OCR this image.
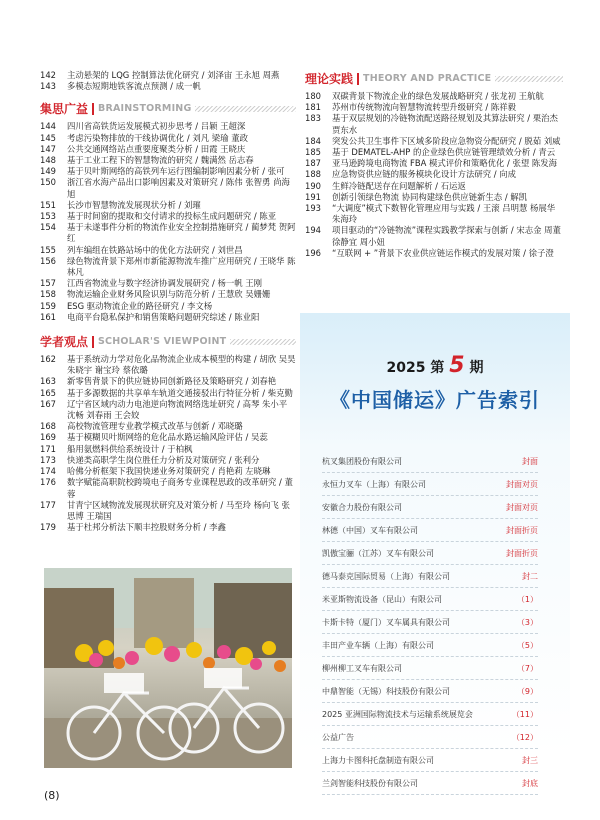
142	主动悬架的 LQG 控制算法优化研究 / 刘泽宙 王永旭 周燕
143	多模态短期地铁客流点预测 / 成一帆
集思广益 BRAINSTORMING
144	四川省高铁货运发展模式初步思考 / 吕颖 王超深
145	考虑污染物排放的干线协调优化 / 刘凡 梁瑜 董政
147	公共交通网络站点重要度聚类分析 / 田霞 王晓庆
148	基于工业工程下的智慧物流的研究 / 魏满然 岳志春
149	基于贝叶斯网络的高铁列车运行图编制影响因素分析 / 张可
150	浙江省水海产品出口影响因素及对策研究 / 陈伟 张智勇 尚海旭
151	长沙市智慧物流发展现状分析 / 刘璀
153	基于时间窗的提取和交付请求的投标生成问题研究 / 陈亚
154	基于未遂事件分析的物流作业安全控制措施研究 / 蔺梦梵 贺阿红
155	列车编组在铁路站场中的优化方法研究 / 刘世昌
156	绿色物流背景下郑州市新能源物流车推广应用研究 / 王晓华 陈林凡
157	江西省物流业与数字经济协调发展研究 / 杨一帆 王刚
158	物流运输企业财务风险识别与防范分析 / 王慧欣 吴姗姗
159	ESG 驱动物流企业的路径研究 / 李文杨
161	电商平台隐私保护和销售策略问题研究综述 / 陈业阳
学者观点 SCHOLAR'S VIEWPOINT
162	基于系统动力学对危化品物流企业成本模型的构建 / 胡欣 吴昊 朱晓宇 谢宝玲 蔡依璐
163	新零售背景下的供应链协同创新路径及策略研究 / 刘春艳
165	基于多源数据的共享单车轨道交通接驳出行特征分析 / 柴克勤
167	辽宁省区域内动力电池逆向物流网络选址研究 / 高琴 朱小平 沈畅 刘春雨 王会姣
168	高校物流管理专业教学模式改革与创新 / 邓晓璐
169	基于模糊贝叶斯网络的危化品水路运输风险评估 / 吴蕊
171	船用氨燃料供给系统设计 / 于柏枫
173	快递类高职学生岗位胜任力分析及对策研究 / 张利分
174	哈佛分析框架下我国快递业务对策研究 / 肖艳莉 左晓琳
176	数字赋能高职院校跨境电子商务专业课程思政的改革研究 / 董蓉
177	甘青宁区域物流发展现状研究及对策分析 / 马至玲 杨向飞 张思博 王瑞国
179	基于杜邦分析法下顺丰控股财务分析 / 李鑫
理论实践 THEORY AND PRACTICE
180	双碳背景下物流企业的绿色发展战略研究 / 张龙初 王航航
181	苏州市传统物流向智慧物流转型升级研究 / 陈祥毅
183	基于双层规划的冷链物流配送路径规划及其算法研究 / 栗治杰 贾东水
184	突发公共卫生事件下区域多阶段应急物资分配研究 / 脱茹 刘威
185	基于 DEMATEL-AHP 的企业绿色供应链管理绩效分析 / 青云
187	亚马逊跨境电商物流 FBA 模式评价和策略优化 / 张望 陈发海
188	应急物资供应链的服务模块化设计方法研究 / 向成
190	生鲜冷链配送存在问题解析 / 石运返
191	创新引领绿色物流 协同构建绿色供应链新生态 / 解凯
193	“大调度”模式下数智化管理应用与实践 / 王滚 吕明慧 杨展华 朱海玲
194	项目驱动的“冷链物流”课程实践教学探索与创新 / 宋志金 周董 徐静宜 周小妞
196	“互联网 + ”背景下农业供应链运作模式的发展对策 / 徐子澄
2025 第 5 期
《中国储运》广告索引
杭叉集团股份有限公司	封面
永恒力叉车（上海）有限公司	封面对页
安徽合力股份有限公司	封面对页
林德（中国）叉车有限公司	封面折页
凯傲宝骊（江苏）叉车有限公司	封面折页
德马泰克国际贸易（上海）有限公司	封二
米亚斯物流设备（昆山）有限公司	（1）
卡斯卡特（厦门）叉车属具有限公司	（3）
丰田产业车辆（上海）有限公司	（5）
柳州柳工叉车有限公司	（7）
中鼎智能（无锡）科技股份有限公司	（9）
2025 亚洲国际物流技术与运输系统展览会	（11）
公益广告	（12）
上海力卡图科托盘制造有限公司	封三
兰剑智能科技股份有限公司	封底
(8)
